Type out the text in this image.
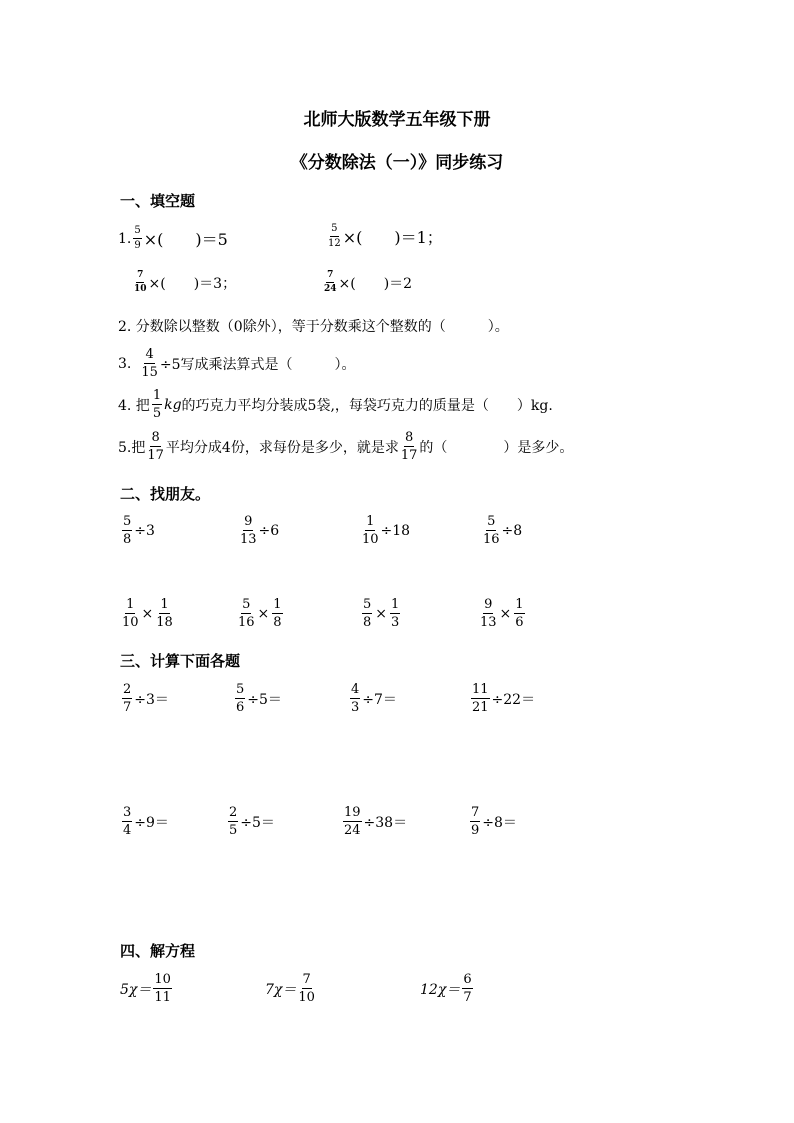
北师大版数学五年级下册
《分数除法（一）》同步练习
一、填空题
1. $\frac{5}{9}$ ×(　　)＝5	$\frac{5}{12}$ ×(　　)＝1；
$\frac{7}{10}$ ×(　　)＝3；	$\frac{7}{24}$ ×(　　)＝2
2. 分数除以整数（0除外），等于分数乘这个整数的（　　　）。
3. $\frac{4}{15} \div 5$写成乘法算式是（　　　）。
4. 把 $\frac{1}{5}$ kg 的巧克力平均分装成5袋,，每袋巧克力的质量是（　　）kg.
5.把 $\frac{8}{17}$ 平均分成4份，求每份是多少，就是求 $\frac{8}{17}$ 的（　　　　）是多少。
二、找朋友。
$\frac{5}{8} \div 3$	$\frac{9}{13} \div 6$	$\frac{1}{10} \div 18$	$\frac{5}{16} \div 8$
$\frac{1}{10} \times \frac{1}{18}$	$\frac{5}{16} \times \frac{1}{8}$	$\frac{5}{8} \times \frac{1}{3}$	$\frac{9}{13} \times \frac{1}{6}$
三、计算下面各题
$\frac{2}{7} \div 3=$	$\frac{5}{6} \div 5=$	$\frac{4}{3} \div 7=$	$\frac{11}{21} \div 22=$
$\frac{3}{4} \div 9=$	$\frac{2}{5} \div 5=$	$\frac{19}{24} \div 38=$	$\frac{7}{9} \div 8=$
四、解方程
$5\chi= \frac{10}{11}$	$7\chi= \frac{7}{10}$	$12\chi= \frac{6}{7}$
